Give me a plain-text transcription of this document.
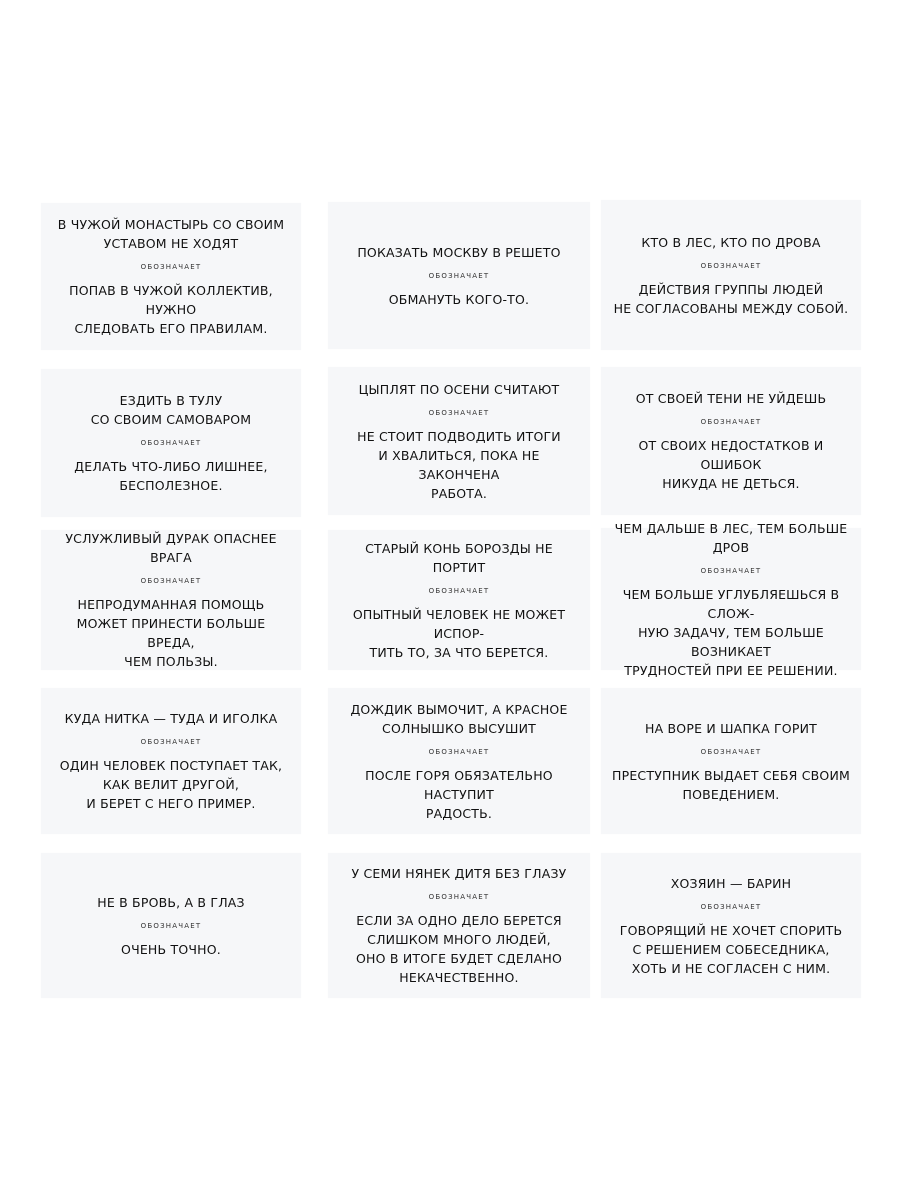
В ЧУЖОЙ МОНАСТЫРЬ СО СВОИМ
УСТАВОМ НЕ ХОДЯТ
ОБОЗНАЧАЕТ
ПОПАВ В ЧУЖОЙ КОЛЛЕКТИВ, НУЖНО
СЛЕДОВАТЬ ЕГО ПРАВИЛАМ.
ПОКАЗАТЬ МОСКВУ В РЕШЕТО
ОБОЗНАЧАЕТ
ОБМАНУТЬ КОГО-ТО.
КТО В ЛЕС, КТО ПО ДРОВА
ОБОЗНАЧАЕТ
ДЕЙСТВИЯ ГРУППЫ ЛЮДЕЙ
НЕ СОГЛАСОВАНЫ МЕЖДУ СОБОЙ.
ЕЗДИТЬ В ТУЛУ
СО СВОИМ САМОВАРОМ
ОБОЗНАЧАЕТ
ДЕЛАТЬ ЧТО-ЛИБО ЛИШНЕЕ,
БЕСПОЛЕЗНОЕ.
ЦЫПЛЯТ ПО ОСЕНИ СЧИТАЮТ
ОБОЗНАЧАЕТ
НЕ СТОИТ ПОДВОДИТЬ ИТОГИ
И ХВАЛИТЬСЯ, ПОКА НЕ ЗАКОНЧЕНА
РАБОТА.
ОТ СВОЕЙ ТЕНИ НЕ УЙДЕШЬ
ОБОЗНАЧАЕТ
ОТ СВОИХ НЕДОСТАТКОВ И ОШИБОК
НИКУДА НЕ ДЕТЬСЯ.
УСЛУЖЛИВЫЙ ДУРАК ОПАСНЕЕ ВРАГА
ОБОЗНАЧАЕТ
НЕПРОДУМАННАЯ ПОМОЩЬ
МОЖЕТ ПРИНЕСТИ БОЛЬШЕ ВРЕДА,
ЧЕМ ПОЛЬЗЫ.
СТАРЫЙ КОНЬ БОРОЗДЫ НЕ ПОРТИТ
ОБОЗНАЧАЕТ
ОПЫТНЫЙ ЧЕЛОВЕК НЕ МОЖЕТ ИСПОР-
ТИТЬ ТО, ЗА ЧТО БЕРЕТСЯ.
ЧЕМ ДАЛЬШЕ В ЛЕС, ТЕМ БОЛЬШЕ
ДРОВ
ОБОЗНАЧАЕТ
ЧЕМ БОЛЬШЕ УГЛУБЛЯЕШЬСЯ В СЛОЖ-
НУЮ ЗАДАЧУ, ТЕМ БОЛЬШЕ ВОЗНИКАЕТ
ТРУДНОСТЕЙ ПРИ ЕЕ РЕШЕНИИ.
КУДА НИТКА — ТУДА И ИГОЛКА
ОБОЗНАЧАЕТ
ОДИН ЧЕЛОВЕК ПОСТУПАЕТ ТАК,
КАК ВЕЛИТ ДРУГОЙ,
И БЕРЕТ С НЕГО ПРИМЕР.
ДОЖДИК ВЫМОЧИТ, А КРАСНОЕ
СОЛНЫШКО ВЫСУШИТ
ОБОЗНАЧАЕТ
ПОСЛЕ ГОРЯ ОБЯЗАТЕЛЬНО НАСТУПИТ
РАДОСТЬ.
НА ВОРЕ И ШАПКА ГОРИТ
ОБОЗНАЧАЕТ
ПРЕСТУПНИК ВЫДАЕТ СЕБЯ СВОИМ
ПОВЕДЕНИЕМ.
НЕ В БРОВЬ, А В ГЛАЗ
ОБОЗНАЧАЕТ
ОЧЕНЬ ТОЧНО.
У СЕМИ НЯНЕК ДИТЯ БЕЗ ГЛАЗУ
ОБОЗНАЧАЕТ
ЕСЛИ ЗА ОДНО ДЕЛО БЕРЕТСЯ
СЛИШКОМ МНОГО ЛЮДЕЙ,
ОНО В ИТОГЕ БУДЕТ СДЕЛАНО
НЕКАЧЕСТВЕННО.
ХОЗЯИН — БАРИН
ОБОЗНАЧАЕТ
ГОВОРЯЩИЙ НЕ ХОЧЕТ СПОРИТЬ
С РЕШЕНИЕМ СОБЕСЕДНИКА,
ХОТЬ И НЕ СОГЛАСЕН С НИМ.
